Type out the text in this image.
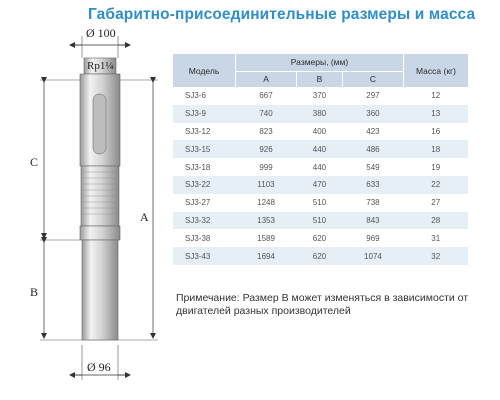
Габаритно-присоединительные размеры и масса
Ø 100
Rp1¼
C
B
A
Ø 96
Модель	Размеры, (мм)			Масса (кг)
	A	B	C	
SJ3-6	667	370	297	12
SJ3-9	740	380	360	13
SJ3-12	823	400	423	16
SJ3-15	926	440	486	18
SJ3-18	999	440	549	19
SJ3-22	1103	470	633	22
SJ3-27	1248	510	738	27
SJ3-32	1353	510	843	28
SJ3-38	1589	620	969	31
SJ3-43	1694	620	1074	32
Примечание: Размер B может изменяться в зависимости от двигателей разных производителей
